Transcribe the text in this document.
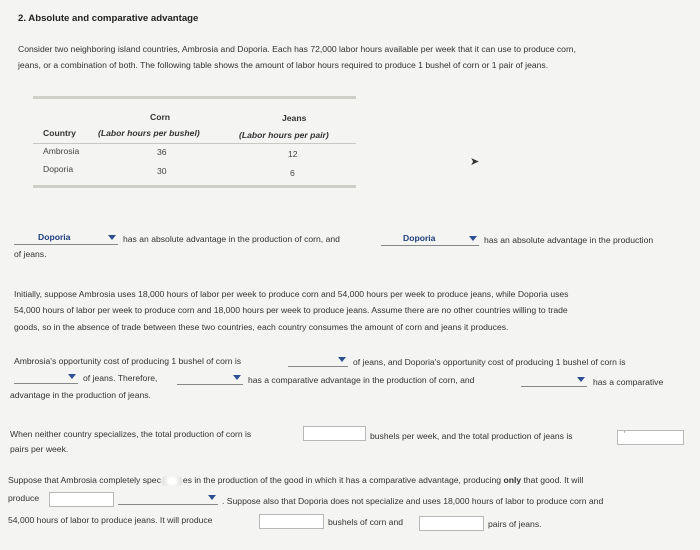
2. Absolute and comparative advantage
Consider two neighboring island countries, Ambrosia and Doporia. Each has 72,000 labor hours available per week that it can use to produce corn,
jeans, or a combination of both. The following table shows the amount of labor hours required to produce 1 bushel of corn or 1 pair of jeans.
Corn	Jeans
Country	(Labor hours per bushel)	(Labor hours per pair)
Ambrosia	36	12
Doporia	30	6
➤
Doporia	has an absolute advantage in the production of corn, and	Doporia	has an absolute advantage in the production
of jeans.
Initially, suppose Ambrosia uses 18,000 hours of labor per week to produce corn and 54,000 hours per week to produce jeans, while Doporia uses
54,000 hours of labor per week to produce corn and 18,000 hours per week to produce jeans. Assume there are no other countries willing to trade
goods, so in the absence of trade between these two countries, each country consumes the amount of corn and jeans it produces.
Ambrosia's opportunity cost of producing 1 bushel of corn is	of jeans, and Doporia's opportunity cost of producing 1 bushel of corn is
of jeans. Therefore,	has a comparative advantage in the production of corn, and	has a comparative
advantage in the production of jeans.
When neither country specializes, the total production of corn is	bushels per week, and the total production of jeans is	'
pairs per week.
Suppose that Ambrosia completely spec	es in the production of the good in which it has a comparative advantage, producing only that good. It will
produce	. Suppose also that Doporia does not specialize and uses 18,000 hours of labor to produce corn and
54,000 hours of labor to produce jeans. It will produce	bushels of corn and	pairs of jeans.
